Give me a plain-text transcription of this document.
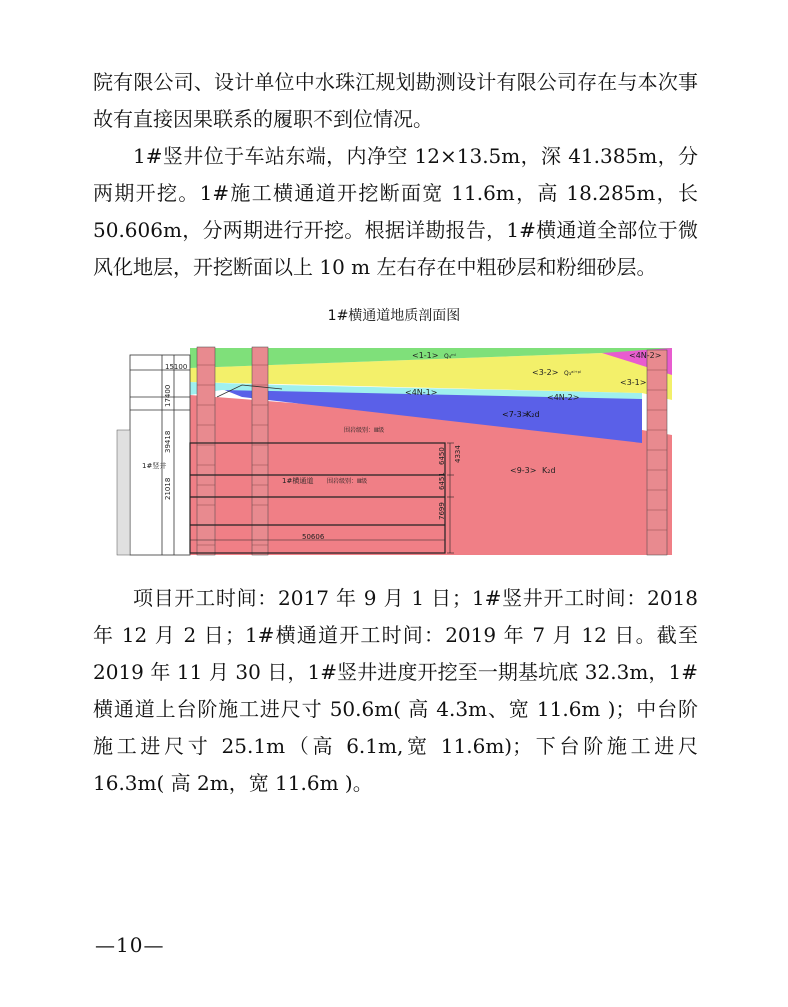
院有限公司、设计单位中水珠江规划勘测设计有限公司存在与本次事故有直接因果联系的履职不到位情况。

1#竖井位于车站东端，内净空 12×13.5m，深 41.385m，分两期开挖。1#施工横通道开挖断面宽 11.6m，高 18.285m，长 50.606m，分两期进行开挖。根据详勘报告，1#横通道全部位于微风化地层，开挖断面以上 10 m 左右存在中粗砂层和粉细砂层。

1#横通道地质剖面图
<1-1> Q₄ᵐˡ
<3-2> Q₃ᵃˡ⁺ᵖˡ
<3-1>
<4N-2>
<4N-2>
<4N-1>
<7-3>
K₂d
<9-3> K₂d
1#竖井
1#横通道 围岩级别：Ⅲ级
围岩级别：Ⅲ级
15100
17400
39418
21018
4334
6450
6451
7699
50606

项目开工时间：2017 年 9 月 1 日；1#竖井开工时间：2018 年 12 月 2 日；1#横通道开工时间：2019 年 7 月 12 日。截至 2019 年 11 月 30 日，1#竖井进度开挖至一期基坑底 32.3m，1#横通道上台阶施工进尺寸 50.6m( 高 4.3m、宽 11.6m )；中台阶施工进尺寸 25.1m（高 6.1m,宽 11.6m)；下台阶施工进尺 16.3m( 高 2m，宽 11.6m )。

—10—
